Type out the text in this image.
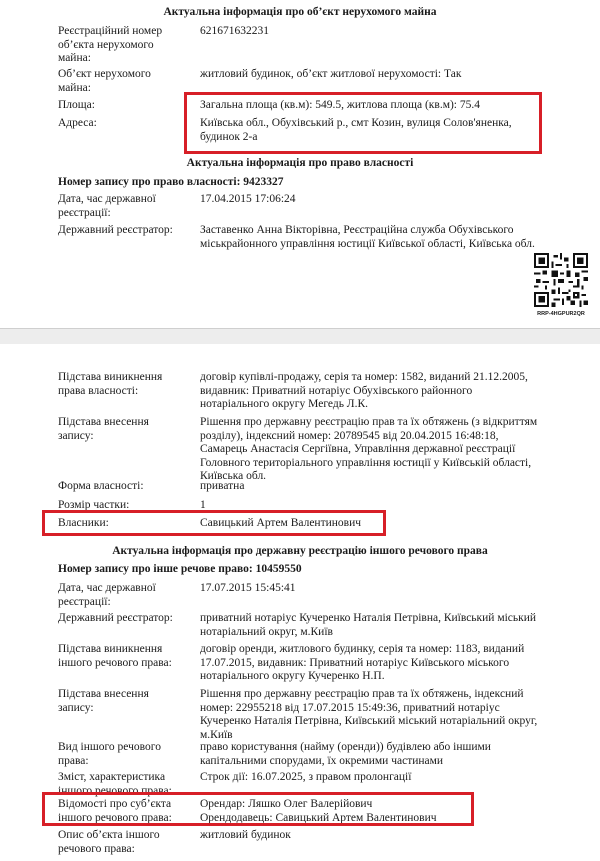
Актуальна інформація про об’єкт нерухомого майна
Реєстраційний номер об’єкта нерухомого майна:
621671632231
Об’єкт нерухомого майна:
житловий будинок, об’єкт житлової нерухомості: Так
Площа:	Загальна площа (кв.м): 549.5, житлова площа (кв.м): 75.4
Адреса:	Київська обл., Обухівський р., смт Козин, вулиця Солов'яненка, будинок 2-а
Актуальна інформація про право власності
Номер запису про право власності: 9423327
Дата, час державної реєстрації:
17.04.2015 17:06:24
Державний реєстратор: Заставенко Анна Вікторівна, Реєстраційна служба Обухівського міськрайонного управління юстиції Київської області, Київська обл.
RRP-4HGPUR2QR
Підстава виникнення права власності:
договір купівлі-продажу, серія та номер: 1582, виданий 21.12.2005, видавник: Приватний нотаріус Обухівського районного нотаріального округу Мегедь Л.К.
Підстава внесення запису:
Рішення про державну реєстрацію прав та їх обтяжень (з відкриттям розділу), індексний номер: 20789545 від 20.04.2015 16:48:18, Самарець Анастасія Сергіївна, Управління державної реєстрації Головного територіального управління юстиції у Київській області, Київська обл.
Форма власності:	приватна
Розмір частки:	1
Власники:	Савицький Артем Валентинович
Актуальна інформація про державну реєстрацію іншого речового права
Номер запису про інше речове право: 10459550
Дата, час державної реєстрації:
17.07.2015 15:45:41
Державний реєстратор: приватний нотаріус Кучеренко Наталія Петрівна, Київський міський нотаріальний округ, м.Київ
Підстава виникнення іншого речового права:
договір оренди, житлового будинку, серія та номер: 1183, виданий 17.07.2015, видавник: Приватний нотаріус Київського міського нотаріального округу Кучеренко Н.П.
Підстава внесення запису:
Рішення про державну реєстрацію прав та їх обтяжень, індексний номер: 22955218 від 17.07.2015 15:49:36, приватний нотаріус Кучеренко Наталія Петрівна, Київський міський нотаріальний округ, м.Київ
Вид іншого речового права:
право користування (найму (оренди)) будівлею або іншими капітальними спорудами, їх окремими частинами
Зміст, характеристика іншого речового права:
Строк дії: 16.07.2025, з правом пролонгації
Відомості про суб’єкта іншого речового права:
Орендар: Ляшко Олег Валерійович
Орендодавець: Савицький Артем Валентинович
Опис об’єкта іншого речового права:
житловий будинок
